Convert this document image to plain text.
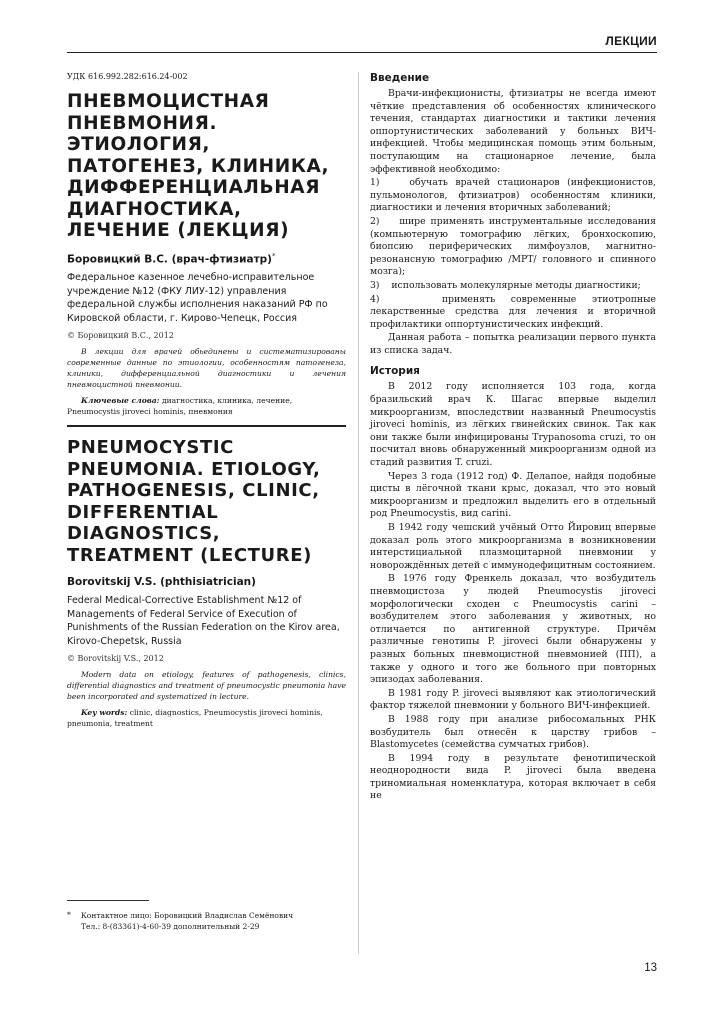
ЛЕКЦИИ

УДК 616.992.282:616.24-002

ПНЕВМОЦИСТНАЯ ПНЕВМОНИЯ. ЭТИОЛОГИЯ, ПАТОГЕНЕЗ, КЛИНИКА, ДИФФЕРЕНЦИАЛЬНАЯ ДИАГНОСТИКА, ЛЕЧЕНИЕ (ЛЕКЦИЯ)

Боровицкий В.С. (врач-фтизиатр)*

Федеральное казенное лечебно-исправительное учреждение №12 (ФКУ ЛИУ-12) управления федеральной службы исполнения наказаний РФ по Кировской области, г. Кирово-Чепецк, Россия

© Боровицкий В.С., 2012

В лекции для врачей обьединены и систематизированы современные данные по этиологии, особенностям патогенеза, клиники, дифференциальной диагностики и лечения пневмоцистной пневмонии.

Ключевые слова: диагностика, клиника, лечение, Pneumocystis jiroveci hominis, пневмония

PNEUMOCYSTIC PNEUMONIA. ETIOLOGY, PATHOGENESIS, CLINIC, DIFFERENTIAL DIAGNOSTICS, TREATMENT (LECTURE)

Borovitskij V.S. (phthisiatrician)

Federal Medical-Corrective Establishment №12 of Managements of Federal Service of Execution of Punishments of the Russian Federation on the Kirov area, Kirovo-Chepetsk, Russia

© Borovitskij V.S., 2012

Modern data on etiology, features of pathogenesis, clinics, differential diagnostics and treatment of pneumocystic pneumonia have been incorporated and systematized in lecture.

Key words: clinic, diagnostics, Pneumocystis jiroveci hominis, pneumonia, treatment

* Контактное лицо: Боровицкий Владислав Семёнович
Тел.: 8-(83361)-4-60-39 дополнительный 2-29
Введение

Врачи-инфекционисты, фтизиатры не всегда имеют чёткие представления об особенностях клинического течения, стандартах диагностики и тактики лечения оппортунистических заболеваний у больных ВИЧ-инфекцией. Чтобы медицинская помощь этим больным, поступающим на стационарное лечение, была эффективной необходимо:

1)    обучать врачей стационаров (инфекционистов, пульмонологов, фтизиатров) особенностям клиники, диагностики и лечения вторичных заболеваний;

2)    шире применять инструментальные исследования (компьютерную томографию лёгких, бронхоскопию, биопсию периферических лимфоузлов, магнитно-резонансную томографию /МРТ/ головного и спинного мозга);

3)    использовать молекулярные методы диагностики;

4)    применять современные этиотропные лекарственные средства для лечения и вторичной профилактики оппортунистических инфекций.

Данная работа – попытка реализации первого пункта из списка задач.

История

В 2012 году исполняется 103 года, когда бразильский врач К. Шагас впервые выделил микроорганизм, впоследствии названный Pneumocystis jiroveci hominis, из лёгких гвинейских свинок. Так как они также были инфицированы Trypanosoma cruzi, то он посчитал вновь обнаруженный микроорганизм одной из стадий развития T. cruzi.

Через 3 года (1912 год) Ф. Делапое, найдя подобные цисты в лёгочной ткани крыс, доказал, что это новый микроорганизм и предложил выделить его в отдельный род Pneumocystis, вид carini.

В 1942 году чешский учёный Отто Йировиц впервые доказал роль этого микроорганизма в возникновении интерстициальной плазмоцитарной пневмонии у новорождённых детей с иммунодефицитным состоянием.

В 1976 году Френкель доказал, что возбудитель пневмоцистоза у людей Pneumocystis jiroveci морфологически сходен с Pneumocystis carini – возбудителем этого заболевания у животных, но отличается по антигенной структуре. Причём различные генотипы P. jiroveci были обнаружены у разных больных пневмоцистной пневмонией (ПП), а также у одного и того же больного при повторных эпизодах заболевания.

В 1981 году P. jiroveci выявляют как этиологический фактор тяжелой пневмонии у больного ВИЧ-инфекцией.

В 1988 году при анализе рибосомальных РНК возбудитель был отнесён к царству грибов – Blastomycetes (семейства сумчатых грибов).

В 1994 году в результате фенотипической неоднородности вида P. jiroveci была введена триномиальная номенклатура, которая включает в себя не

13
